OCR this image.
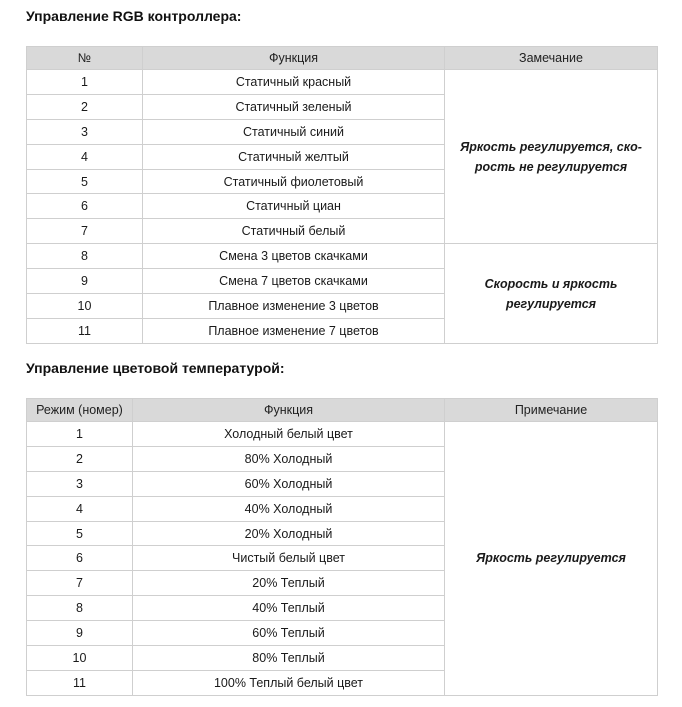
Управление RGB контроллера:
№	Функция	Замечание
1	Статичный красный	Яркость регулируется, скорость не регулируется
2	Статичный зеленый	
3	Статичный синий	
4	Статичный желтый	
5	Статичный фиолетовый	
6	Статичный циан	
7	Статичный белый	
8	Смена 3 цветов скачками	Скорость и яркость регулируется
9	Смена 7 цветов скачками	
10	Плавное изменение 3 цветов	
11	Плавное изменение 7 цветов	
Управление цветовой температурой:
Режим (номер)	Функция	Примечание
1	Холодный белый цвет	Яркость регулируется
2	80% Холодный	
3	60% Холодный	
4	40% Холодный	
5	20% Холодный	
6	Чистый белый цвет	
7	20% Теплый	
8	40% Теплый	
9	60% Теплый	
10	80% Теплый	
11	100% Теплый белый цвет	
